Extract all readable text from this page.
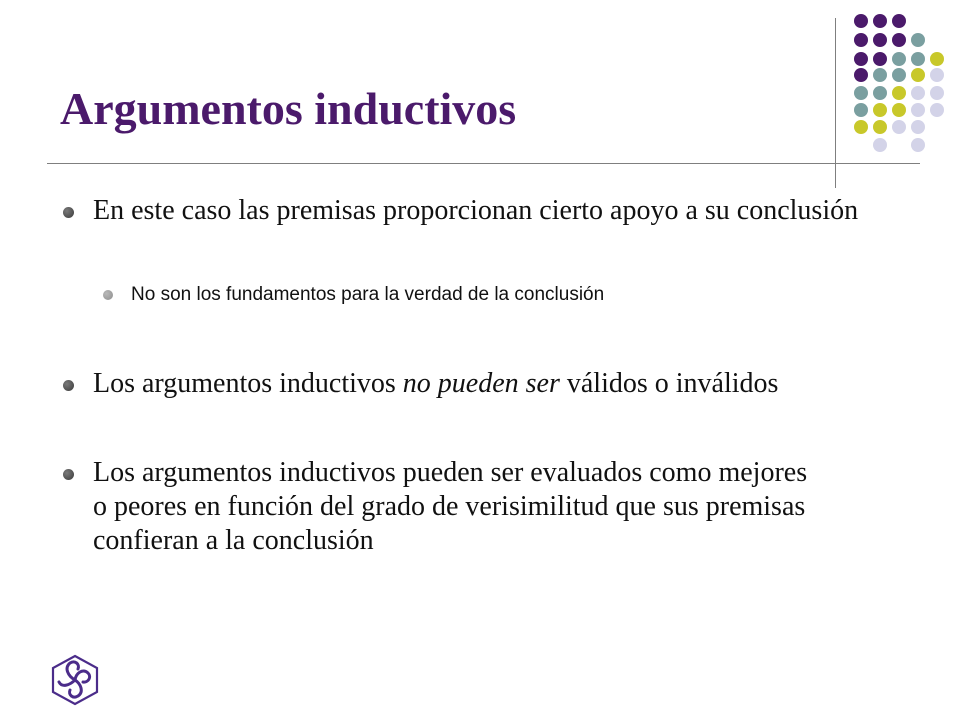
Argumentos inductivos

En este caso las premisas proporcionan cierto apoyo a su conclusión

No son los fundamentos para la verdad de la conclusión

Los argumentos inductivos no pueden ser válidos o inválidos

Los argumentos inductivos pueden ser evaluados como mejores o peores en función del grado de verisimilitud que sus premisas confieran a la conclusión
